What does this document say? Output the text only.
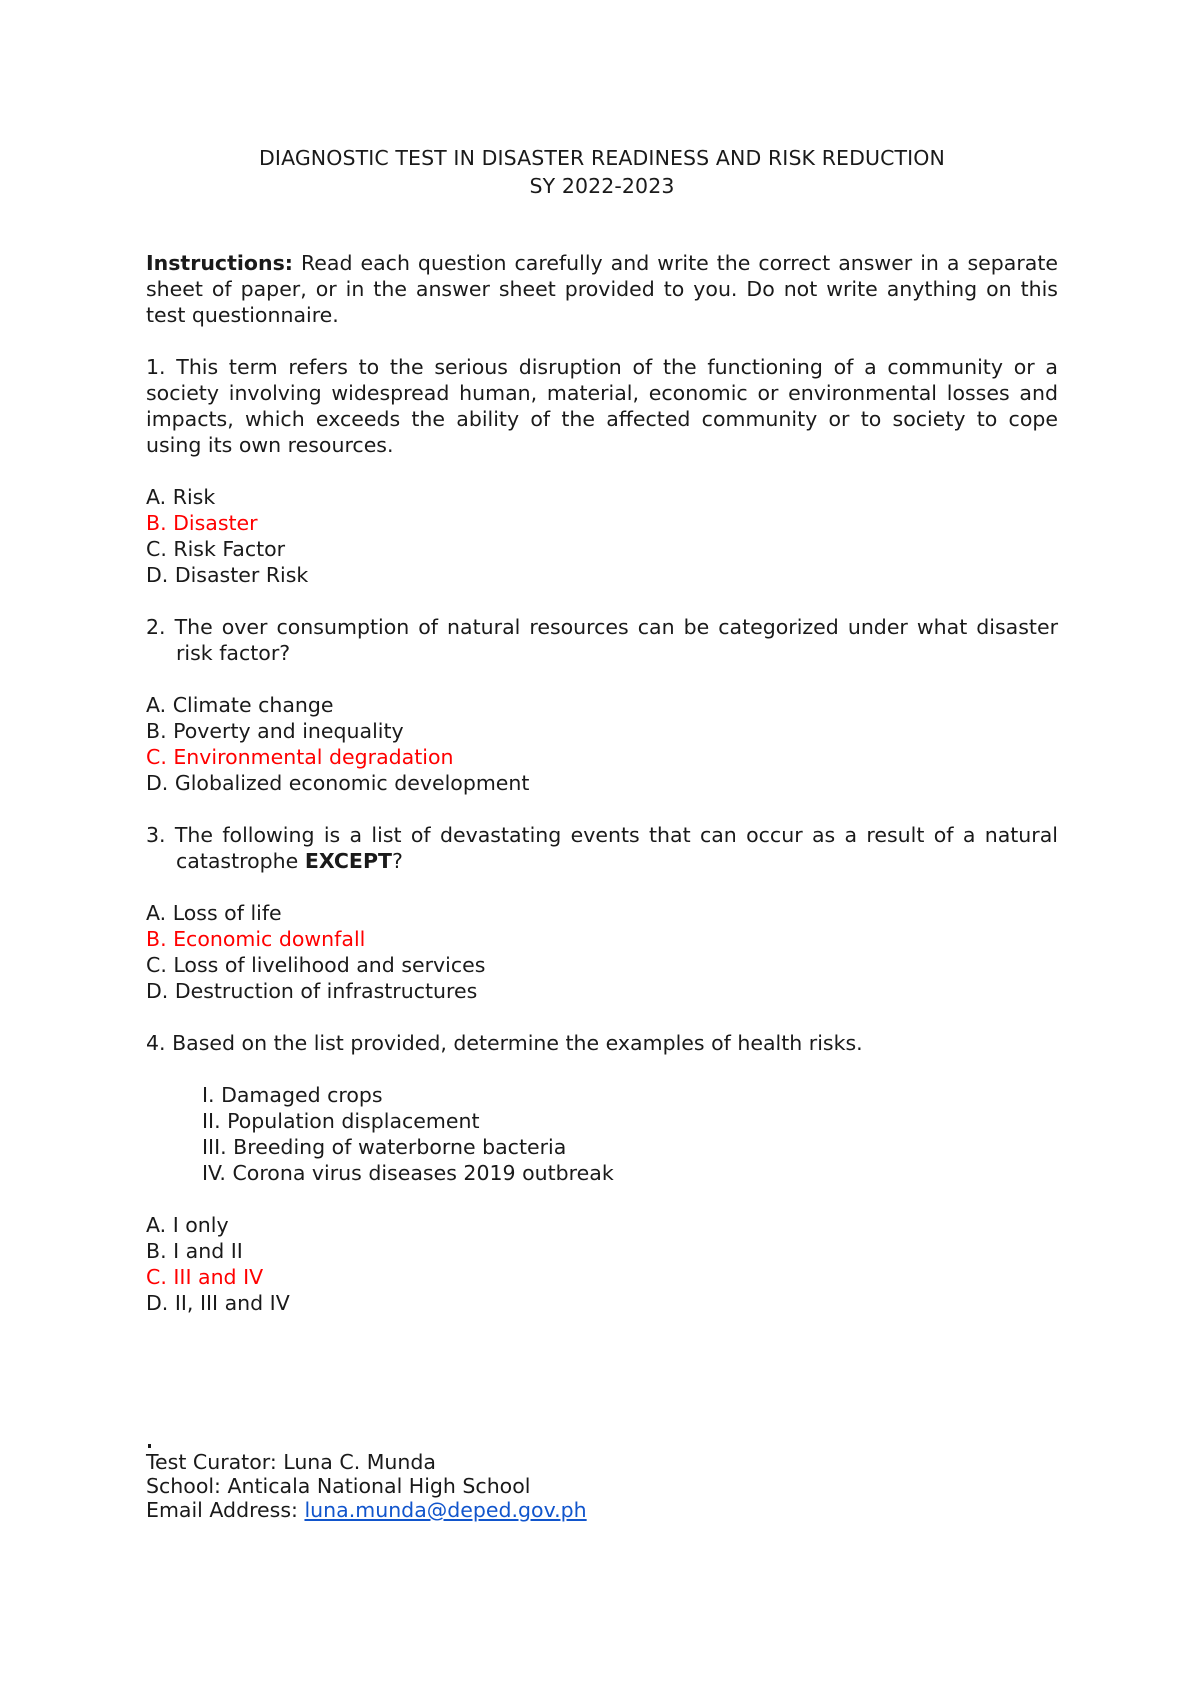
DIAGNOSTIC TEST IN DISASTER READINESS AND RISK REDUCTION
SY 2022-2023
Instructions: Read each question carefully and write the correct answer in a separate sheet of paper, or in the answer sheet provided to you. Do not write anything on this test questionnaire.
1. This term refers to the serious disruption of the functioning of a community or a society involving widespread human, material, economic or environmental losses and impacts, which exceeds the ability of the affected community or to society to cope using its own resources.
A. Risk
B. Disaster
C. Risk Factor
D. Disaster Risk
2. The over consumption of natural resources can be categorized under what disaster risk factor?
A. Climate change
B. Poverty and inequality
C. Environmental degradation
D. Globalized economic development
3. The following is a list of devastating events that can occur as a result of a natural catastrophe EXCEPT?
A. Loss of life
B. Economic downfall
C. Loss of livelihood and services
D. Destruction of infrastructures
4. Based on the list provided, determine the examples of health risks.
I. Damaged crops
II. Population displacement
III. Breeding of waterborne bacteria
IV. Corona virus diseases 2019 outbreak
A. I only
B. I and II
C. III and IV
D. II, III and IV
Test Curator: Luna C. Munda
School: Anticala National High School
Email Address: luna.munda@deped.gov.ph
